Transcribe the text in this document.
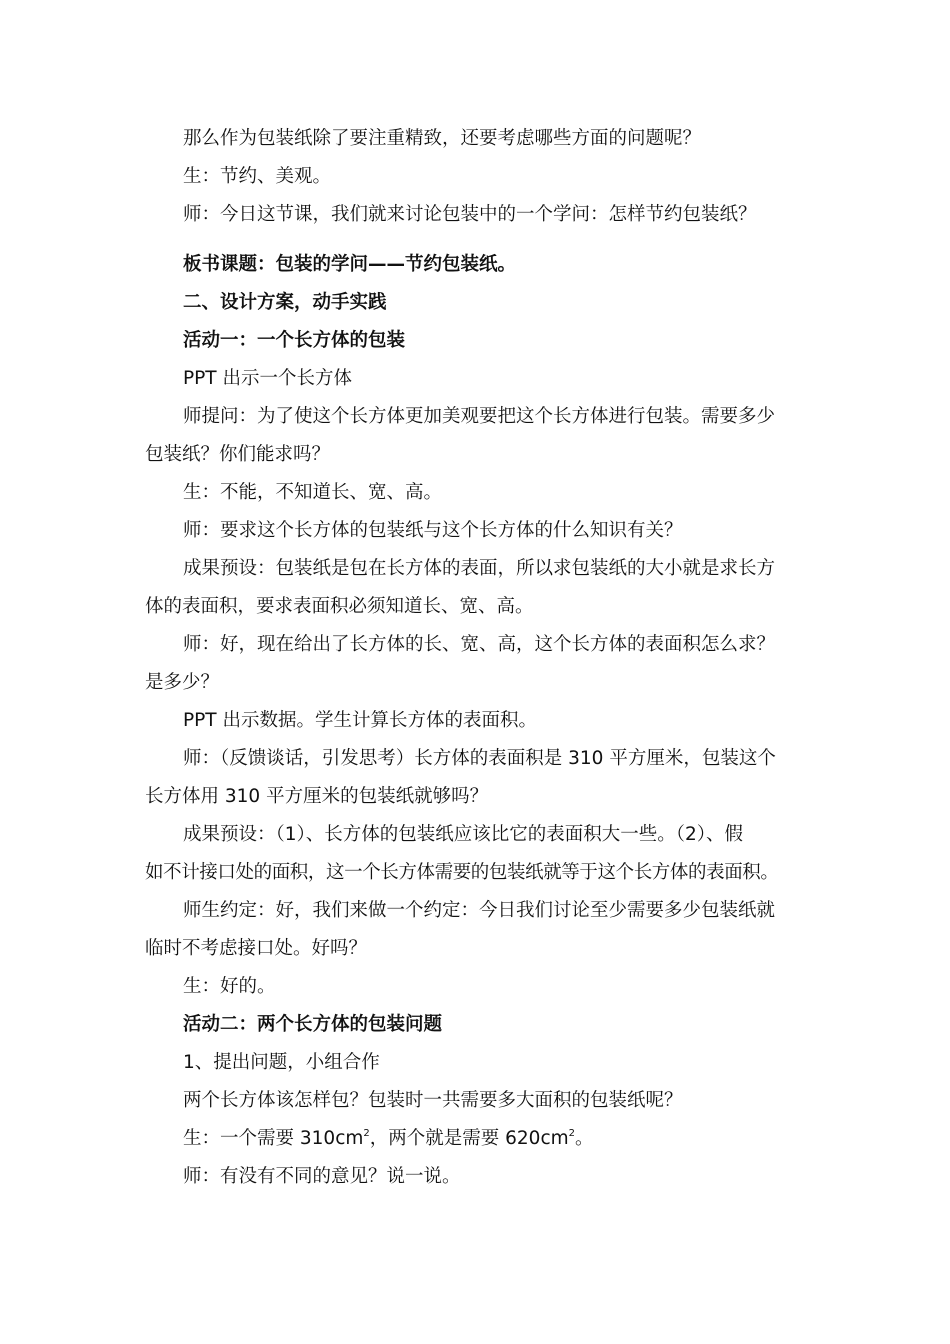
那么作为包装纸除了要注重精致，还要考虑哪些方面的问题呢？
生：节约、美观。
师：今日这节课，我们就来讨论包装中的一个学问：怎样节约包装纸？
板书课题：包装的学问——节约包装纸。
二、设计方案，动手实践
活动一：一个长方体的包装
PPT 出示一个长方体
师提问：为了使这个长方体更加美观要把这个长方体进行包装。需要多少
包装纸？你们能求吗？
生：不能，不知道长、宽、高。
师：要求这个长方体的包装纸与这个长方体的什么知识有关？
成果预设：包装纸是包在长方体的表面，所以求包装纸的大小就是求长方
体的表面积，要求表面积必须知道长、宽、高。
师：好，现在给出了长方体的长、宽、高，这个长方体的表面积怎么求？
是多少？
PPT 出示数据。学生计算长方体的表面积。
师：（反馈谈话，引发思考）长方体的表面积是 310 平方厘米，包装这个
长方体用 310 平方厘米的包装纸就够吗？
成果预设：（1）、长方体的包装纸应该比它的表面积大一些。（2）、假
如不计接口处的面积，这一个长方体需要的包装纸就等于这个长方体的表面积。
师生约定：好，我们来做一个约定：今日我们讨论至少需要多少包装纸就
临时不考虑接口处。好吗？
生：好的。
活动二：两个长方体的包装问题
1、提出问题，小组合作
两个长方体该怎样包？包装时一共需要多大面积的包装纸呢？
生：一个需要 $310cm^2$，两个就是需要 $620cm^2$。
师：有没有不同的意见？说一说。
